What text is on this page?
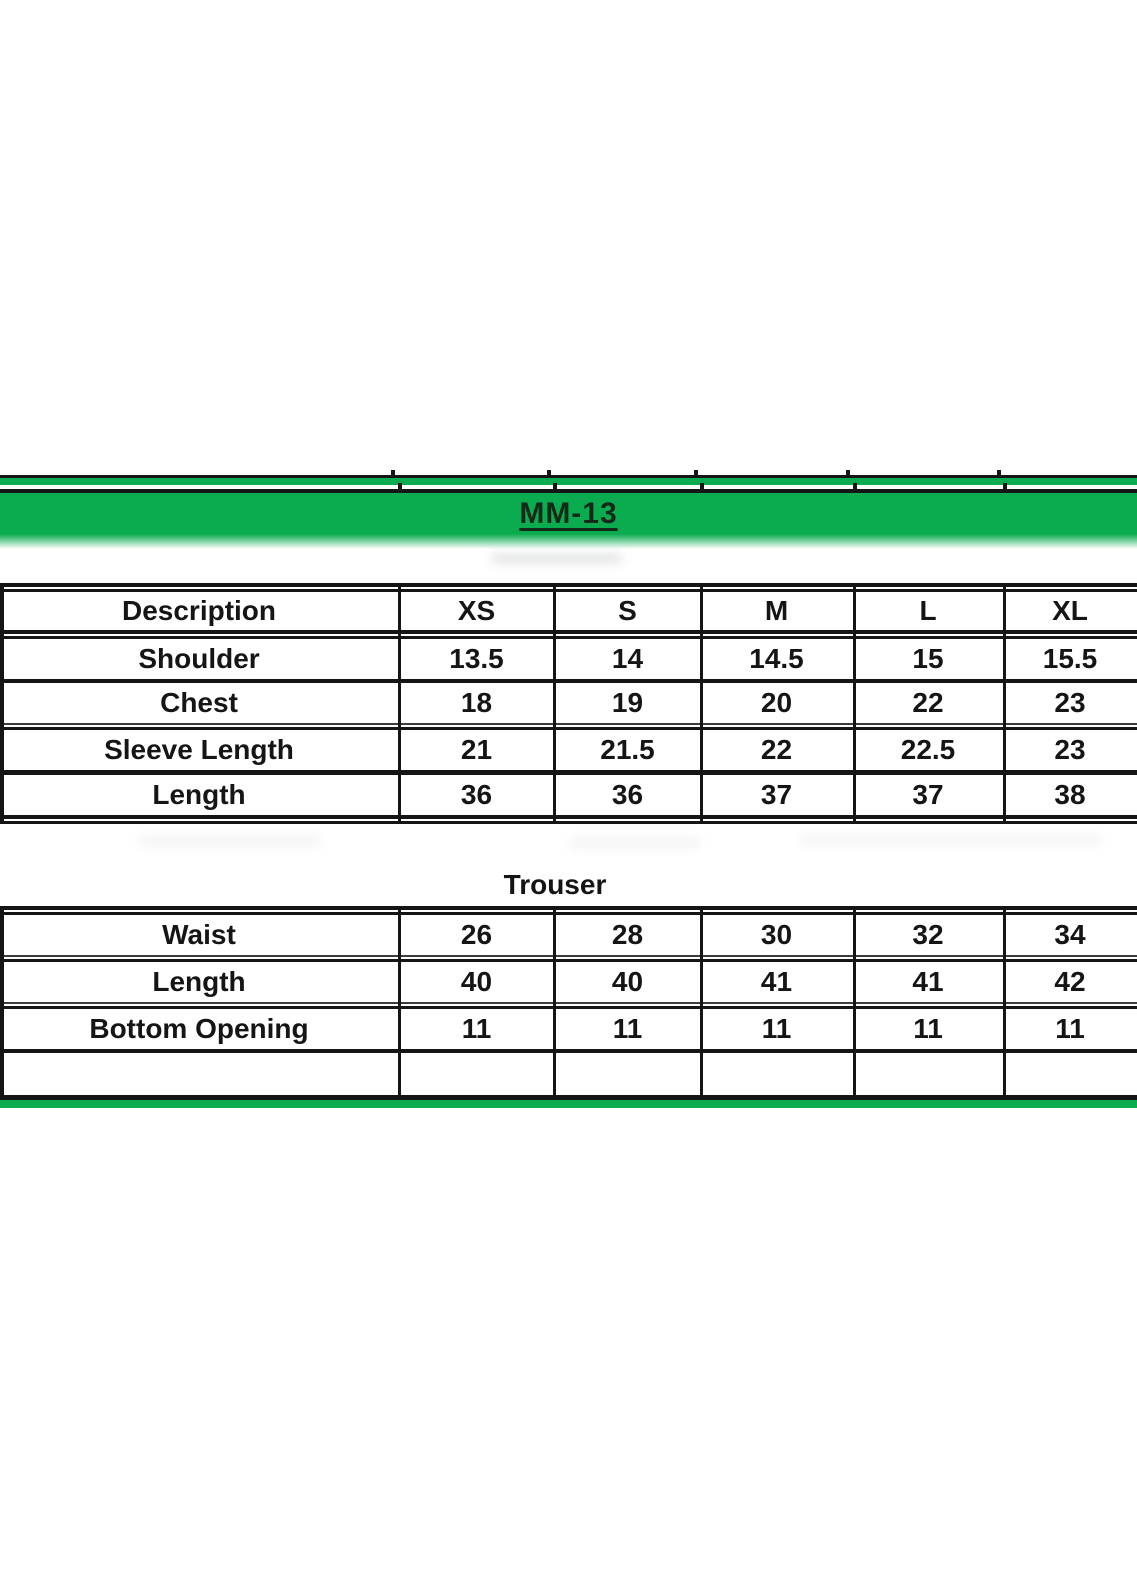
MM-13
Description	XS	S	M	L	XL
Shoulder	13.5	14	14.5	15	15.5
Chest	18	19	20	22	23
Sleeve Length	21	21.5	22	22.5	23
Length	36	36	37	37	38
Trouser
Waist	26	28	30	32	34
Length	40	40	41	41	42
Bottom Opening	11	11	11	11	11
